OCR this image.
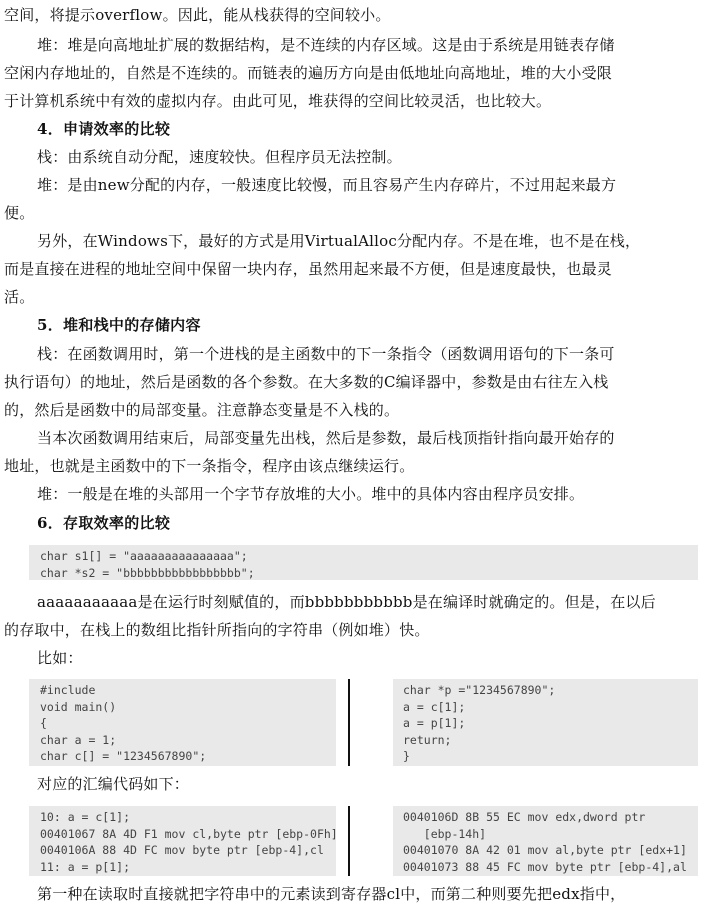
空间，将提示overflow。因此，能从栈获得的空间较小。
堆：堆是向高地址扩展的数据结构，是不连续的内存区域。这是由于系统是用链表存储
空闲内存地址的，自然是不连续的。而链表的遍历方向是由低地址向高地址，堆的大小受限
于计算机系统中有效的虚拟内存。由此可见，堆获得的空间比较灵活，也比较大。
4．申请效率的比较
栈：由系统自动分配，速度较快。但程序员无法控制。
堆：是由new分配的内存，一般速度比较慢，而且容易产生内存碎片，不过用起来最方
便。
另外，在Windows下，最好的方式是用VirtualAlloc分配内存。不是在堆，也不是在栈，
而是直接在进程的地址空间中保留一块内存，虽然用起来最不方便，但是速度最快，也最灵
活。
5．堆和栈中的存储内容
栈：在函数调用时，第一个进栈的是主函数中的下一条指令（函数调用语句的下一条可
执行语句）的地址，然后是函数的各个参数。在大多数的C编译器中，参数是由右往左入栈
的，然后是函数中的局部变量。注意静态变量是不入栈的。
当本次函数调用结束后，局部变量先出栈，然后是参数，最后栈顶指针指向最开始存的
地址，也就是主函数中的下一条指令，程序由该点继续运行。
堆：一般是在堆的头部用一个字节存放堆的大小。堆中的具体内容由程序员安排。
6．存取效率的比较
char s1[] = "aaaaaaaaaaaaaaa";
char *s2 = "bbbbbbbbbbbbbbbbb";
aaaaaaaaaaa是在运行时刻赋值的，而bbbbbbbbbbb是在编译时就确定的。但是，在以后
的存取中，在栈上的数组比指针所指向的字符串（例如堆）快。
比如：
#include
void main()
{
char a = 1;
char c[] = "1234567890";
char *p ="1234567890";
a = c[1];
a = p[1];
return;
}
对应的汇编代码如下：
10: a = c[1];
00401067 8A 4D F1 mov cl,byte ptr [ebp-0Fh]
0040106A 88 4D FC mov byte ptr [ebp-4],cl
11: a = p[1];
0040106D 8B 55 EC mov edx,dword ptr
[ebp-14h]
00401070 8A 42 01 mov al,byte ptr [edx+1]
00401073 88 45 FC mov byte ptr [ebp-4],al
第一种在读取时直接就把字符串中的元素读到寄存器cl中，而第二种则要先把edx指中，
